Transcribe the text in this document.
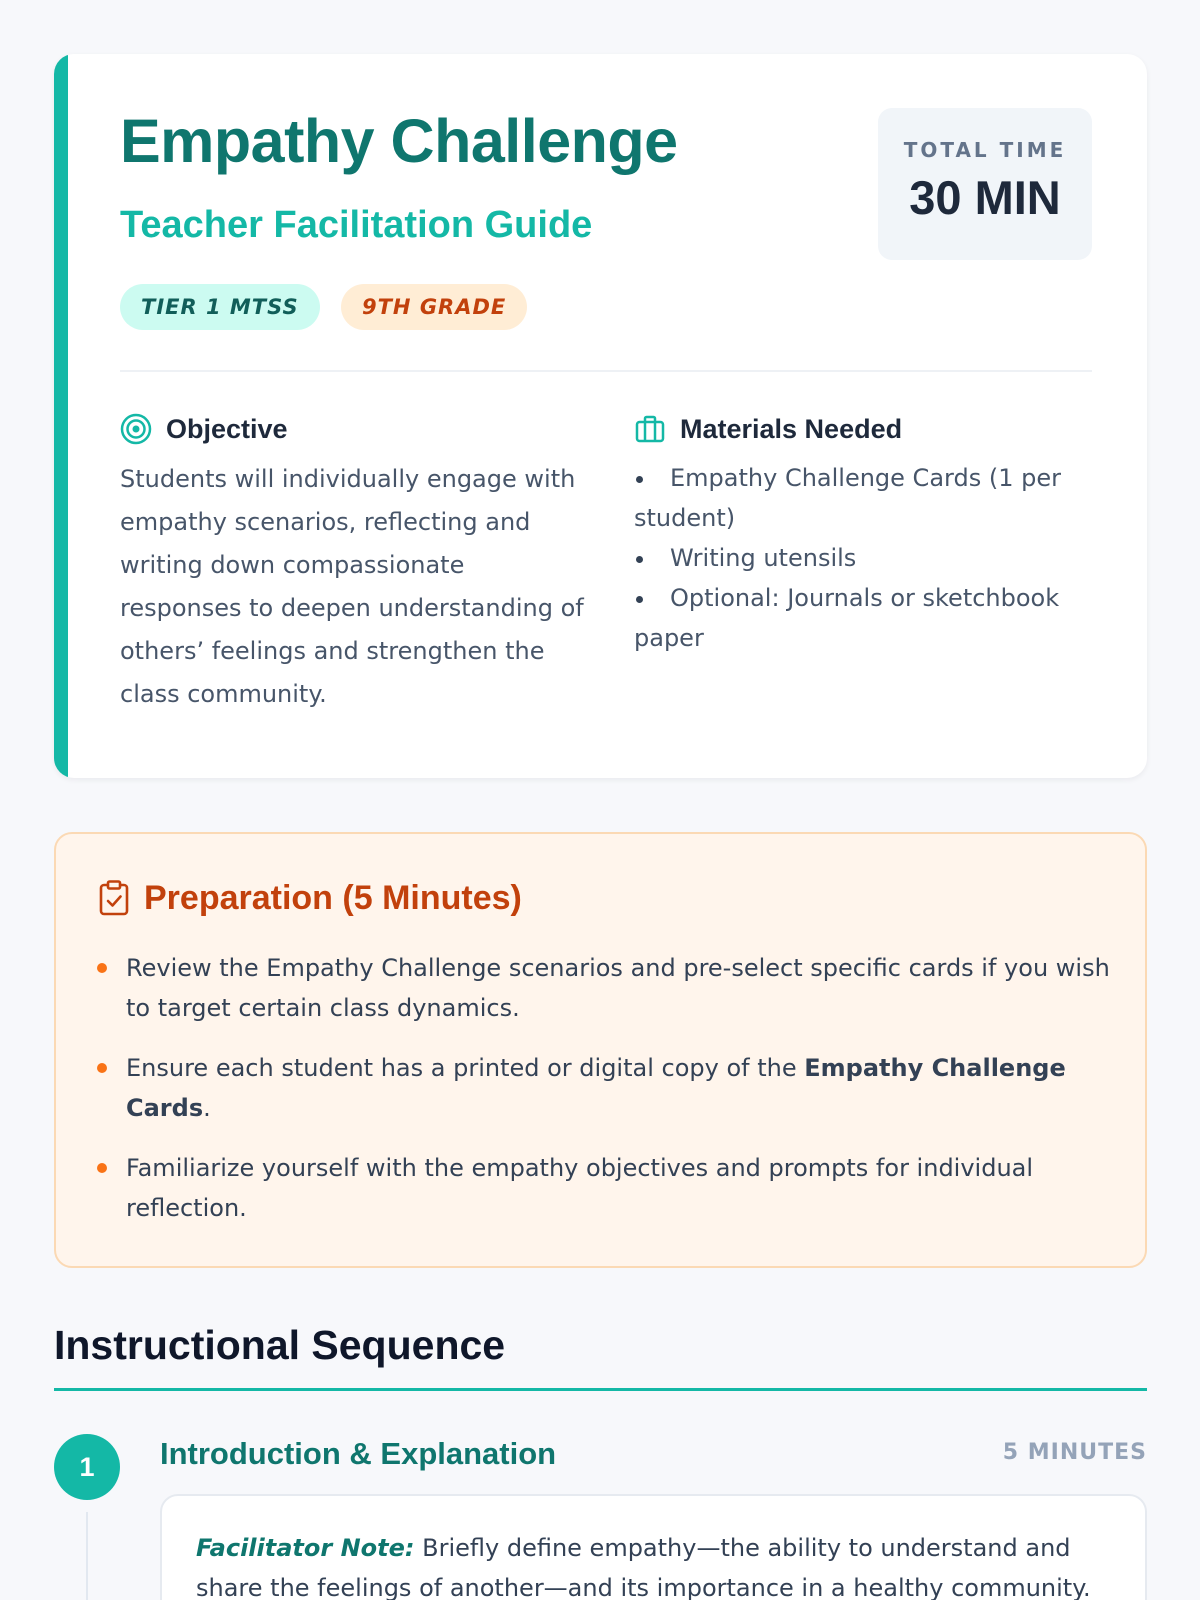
Empathy Challenge
Teacher Facilitation Guide
TIER 1 MTSS	9TH GRADE
TOTAL TIME
30 MIN
Objective

Students will individually engage with empathy scenarios, reflecting and writing down compassionate responses to deepen understanding of others’ feelings and strengthen the class community.

Materials Needed
Empathy Challenge Cards (1 per student)
Writing utensils
Optional: Journals or sketchbook paper
Preparation (5 Minutes)
Review the Empathy Challenge scenarios and pre-select specific cards if you wish to target certain class dynamics.
Ensure each student has a printed or digital copy of the Empathy Challenge Cards.
Familiarize yourself with the empathy objectives and prompts for individual reflection.
Instructional Sequence
1	Introduction & Explanation	5 MINUTES

Facilitator Note: Briefly define empathy—the ability to understand and share the feelings of another—and its importance in a healthy community.
